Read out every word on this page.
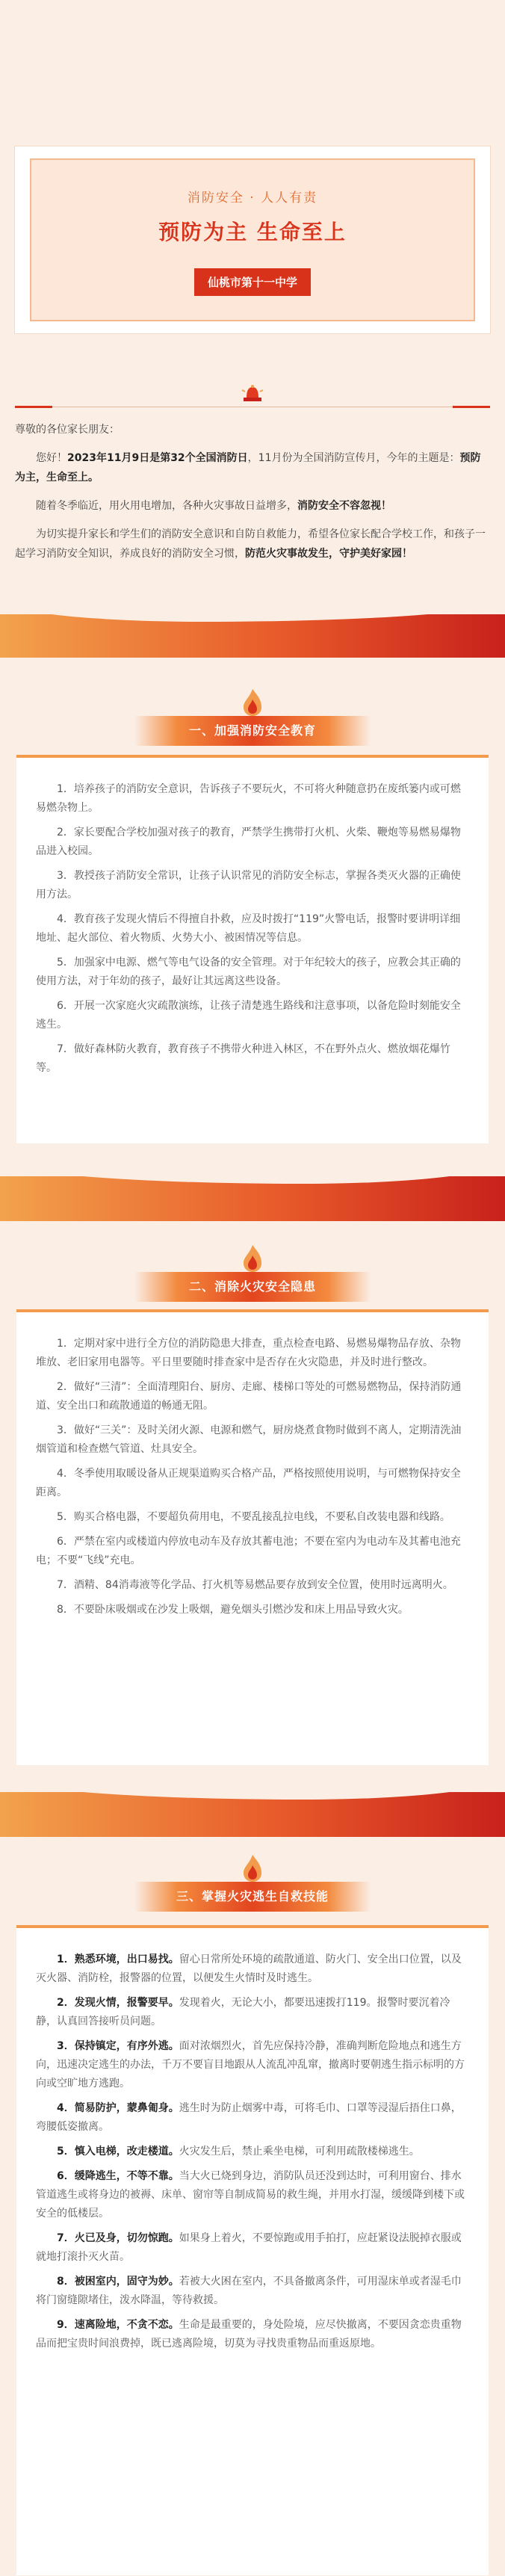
消防安全 · 人人有责
预防为主 生命至上
仙桃市第十一中学

尊敬的各位家长朋友：

您好！2023年11月9日是第32个全国消防日，11月份为全国消防宣传月，今年的主题是：预防为主，生命至上。

随着冬季临近，用火用电增加，各种火灾事故日益增多，消防安全不容忽视！

为切实提升家长和学生们的消防安全意识和自防自救能力，希望各位家长配合学校工作，和孩子一起学习消防安全知识，养成良好的消防安全习惯，防范火灾事故发生，守护美好家园！

一、加强消防安全教育

1．培养孩子的消防安全意识，告诉孩子不要玩火，不可将火种随意扔在废纸篓内或可燃易燃杂物上。

2．家长要配合学校加强对孩子的教育，严禁学生携带打火机、火柴、鞭炮等易燃易爆物品进入校园。

3．教授孩子消防安全常识，让孩子认识常见的消防安全标志，掌握各类灭火器的正确使用方法。

4．教育孩子发现火情后不得擅自扑救，应及时拨打“119”火警电话，报警时要讲明详细地址、起火部位、着火物质、火势大小、被困情况等信息。

5．加强家中电源、燃气等电气设备的安全管理。对于年纪较大的孩子，应教会其正确的使用方法，对于年幼的孩子，最好让其远离这些设备。

6．开展一次家庭火灾疏散演练，让孩子清楚逃生路线和注意事项，以备危险时刻能安全逃生。

7．做好森林防火教育，教育孩子不携带火种进入林区，不在野外点火、燃放烟花爆竹等。

二、消除火灾安全隐患

1．定期对家中进行全方位的消防隐患大排查，重点检查电路、易燃易爆物品存放、杂物堆放、老旧家用电器等。平日里要随时排查家中是否存在火灾隐患，并及时进行整改。

2．做好“三清”：全面清理阳台、厨房、走廊、楼梯口等处的可燃易燃物品，保持消防通道、安全出口和疏散通道的畅通无阻。

3．做好“三关”：及时关闭火源、电源和燃气，厨房烧煮食物时做到不离人，定期清洗油烟管道和检查燃气管道、灶具安全。

4．冬季使用取暖设备从正规渠道购买合格产品，严格按照使用说明，与可燃物保持安全距离。

5．购买合格电器，不要超负荷用电，不要乱接乱拉电线，不要私自改装电器和线路。

6．严禁在室内或楼道内停放电动车及存放其蓄电池；不要在室内为电动车及其蓄电池充电；不要“飞线”充电。

7．酒精、84消毒液等化学品、打火机等易燃品要存放到安全位置，使用时远离明火。

8．不要卧床吸烟或在沙发上吸烟，避免烟头引燃沙发和床上用品导致火灾。

三、掌握火灾逃生自救技能

1．熟悉环境，出口易找。留心日常所处环境的疏散通道、防火门、安全出口位置，以及灭火器、消防栓，报警器的位置，以便发生火情时及时逃生。

2．发现火情，报警要早。发现着火，无论大小，都要迅速拨打119。报警时要沉着冷静，认真回答接听员问题。

3．保持镇定，有序外逃。面对浓烟烈火，首先应保持冷静，准确判断危险地点和逃生方向，迅速决定逃生的办法，千万不要盲目地跟从人流乱冲乱窜，撤离时要朝逃生指示标明的方向或空旷地方逃跑。

4．简易防护，蒙鼻匍身。逃生时为防止烟雾中毒，可将毛巾、口罩等浸湿后捂住口鼻，弯腰低姿撤离。

5．慎入电梯，改走楼道。火灾发生后，禁止乘坐电梯，可利用疏散楼梯逃生。

6．缓降逃生，不等不靠。当大火已烧到身边，消防队员还没到达时，可利用窗台、排水管道逃生或将身边的被褥、床单、窗帘等自制成简易的救生绳，并用水打湿，缓缓降到楼下或安全的低楼层。

7．火已及身，切勿惊跑。如果身上着火，不要惊跑或用手拍打，应赶紧设法脱掉衣服或就地打滚扑灭火苗。

8．被困室内，固守为妙。若被大火困在室内，不具备撤离条件，可用湿床单或者湿毛巾将门窗缝隙堵住，泼水降温，等待救援。

9．速离险地，不贪不恋。生命是最重要的，身处险境，应尽快撤离，不要因贪恋贵重物品而把宝贵时间浪费掉，既已逃离险境，切莫为寻找贵重物品而重返原地。
